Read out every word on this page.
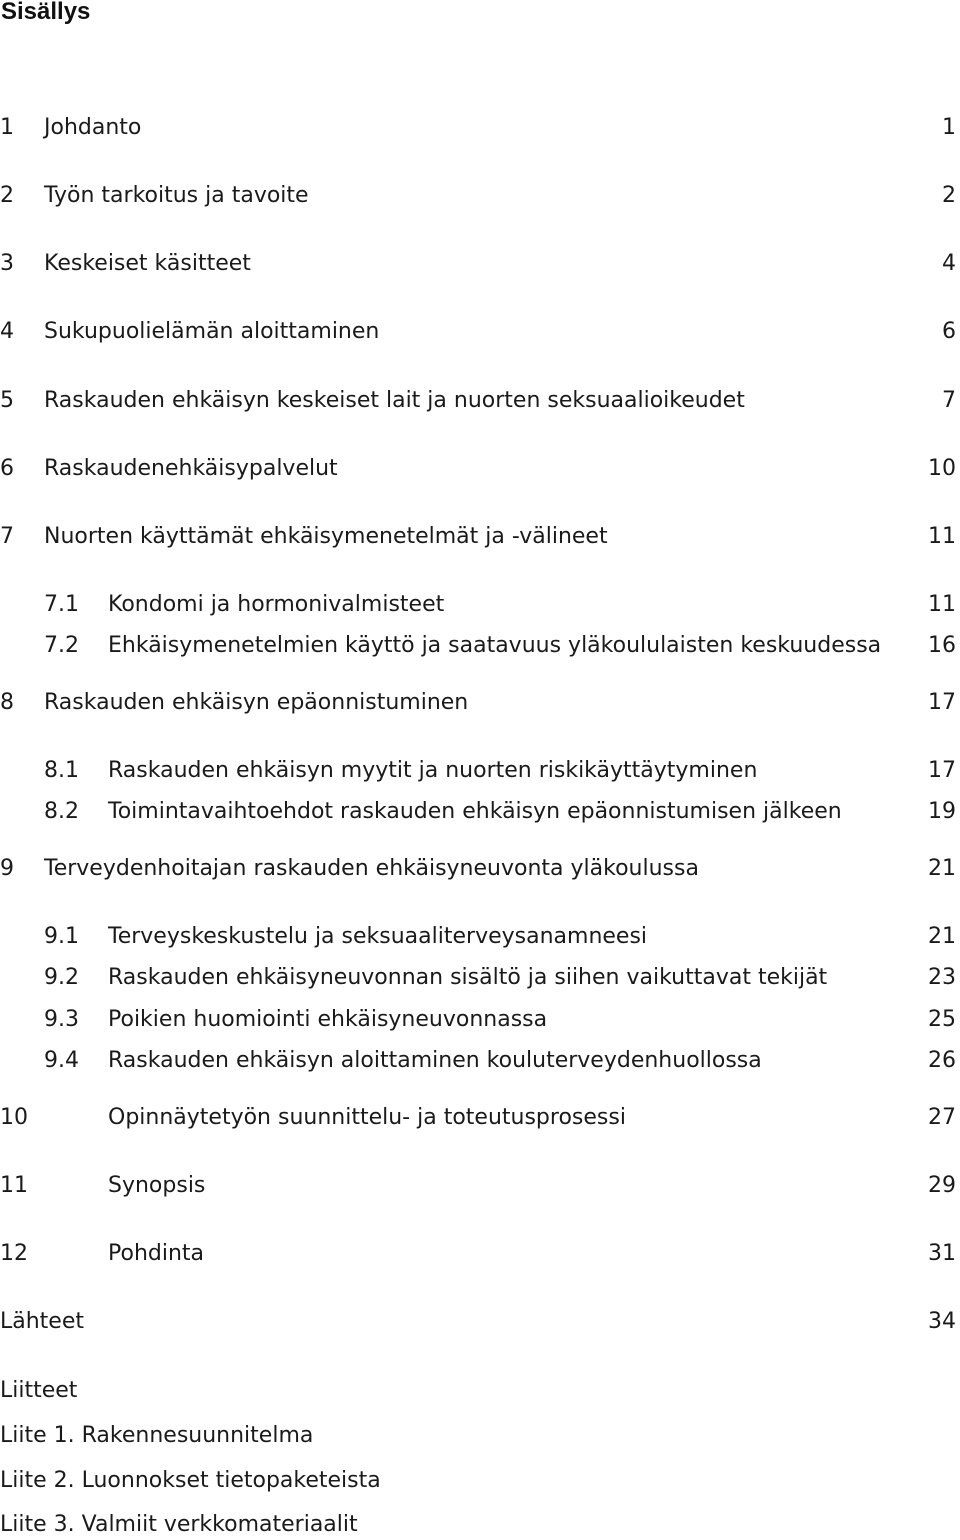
Sisällys
1 Johdanto	1
2 Työn tarkoitus ja tavoite	2
3 Keskeiset käsitteet	4
4 Sukupuolielämän aloittaminen	6
5 Raskauden ehkäisyn keskeiset lait ja nuorten seksuaalioikeudet	7
6 Raskaudenehkäisypalvelut	10
7 Nuorten käyttämät ehkäisymenetelmät ja -välineet	11
7.1 Kondomi ja hormonivalmisteet	11
7.2 Ehkäisymenetelmien käyttö ja saatavuus yläkoululaisten keskuudessa 16
8 Raskauden ehkäisyn epäonnistuminen	17
8.1 Raskauden ehkäisyn myytit ja nuorten riskikäyttäytyminen	17
8.2 Toimintavaihtoehdot raskauden ehkäisyn epäonnistumisen jälkeen	19
9 Terveydenhoitajan raskauden ehkäisyneuvonta yläkoulussa	21
9.1 Terveyskeskustelu ja seksuaaliterveysanamneesi	21
9.2 Raskauden ehkäisyneuvonnan sisältö ja siihen vaikuttavat tekijät	23
9.3 Poikien huomiointi ehkäisyneuvonnassa	25
9.4 Raskauden ehkäisyn aloittaminen kouluterveydenhuollossa	26
10	Opinnäytetyön suunnittelu- ja toteutusprosessi	27
11	Synopsis	29
12	Pohdinta	31
Lähteet	34
Liitteet
Liite 1. Rakennesuunnitelma
Liite 2. Luonnokset tietopaketeista
Liite 3. Valmiit verkkomateriaalit
